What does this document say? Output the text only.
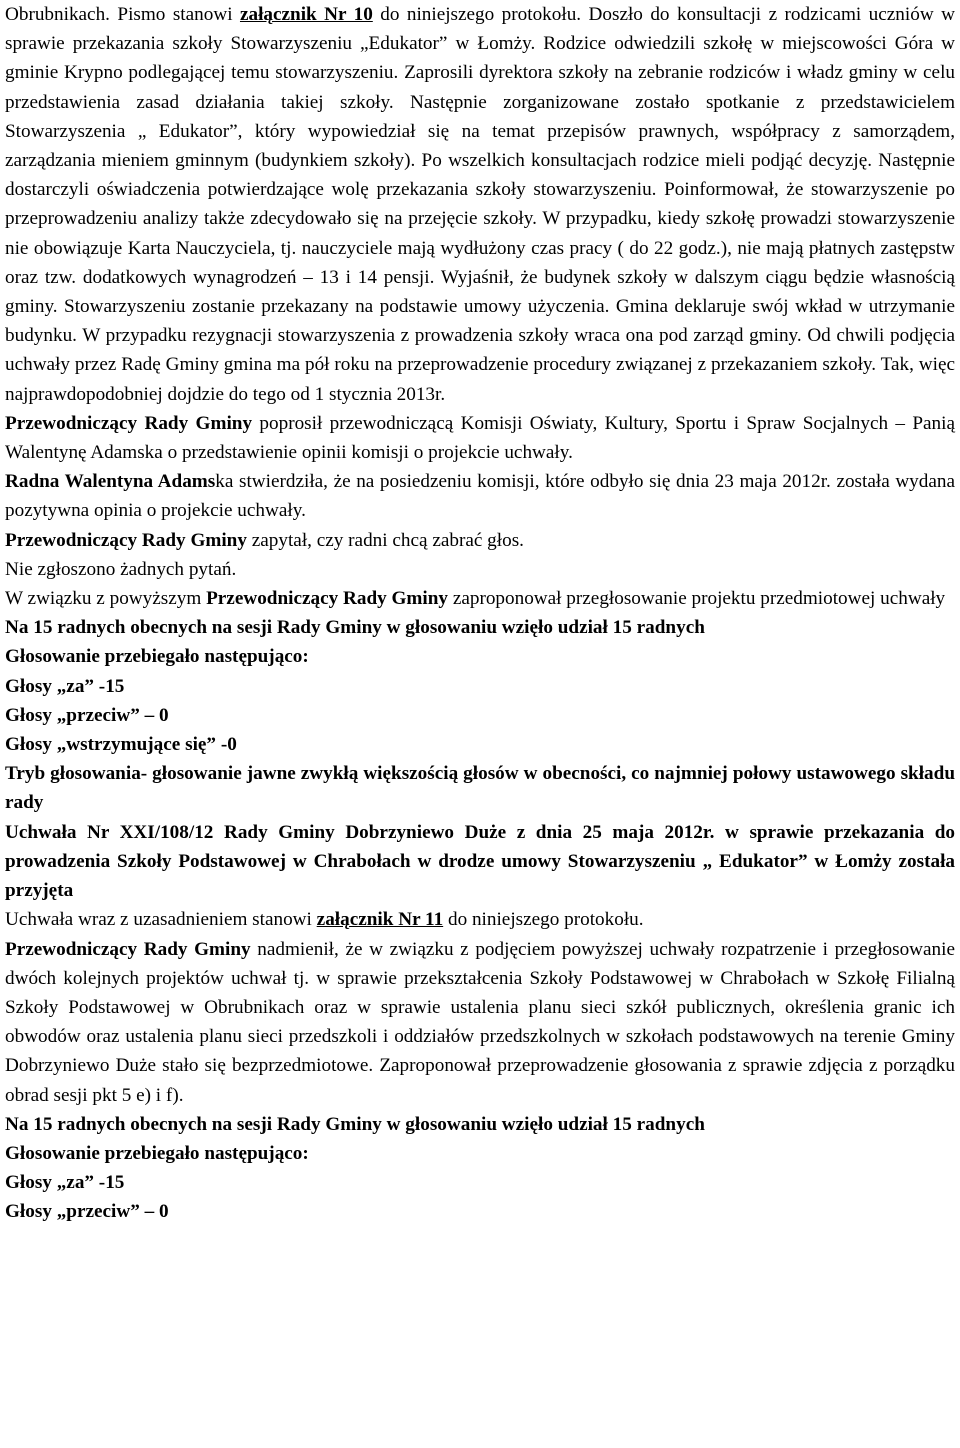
Obrubnikach. Pismo stanowi załącznik Nr 10 do niniejszego protokołu. Doszło do konsultacji z rodzicami uczniów w sprawie przekazania szkoły Stowarzyszeniu „Edukator” w Łomży. Rodzice odwiedzili szkołę w miejscowości Góra w gminie Krypno podlegającej temu stowarzyszeniu. Zaprosili dyrektora szkoły na zebranie rodziców i władz gminy w celu przedstawienia zasad działania takiej szkoły. Następnie zorganizowane zostało spotkanie z przedstawicielem Stowarzyszenia „ Edukator”, który wypowiedział się na temat przepisów prawnych, współpracy z samorządem, zarządzania mieniem gminnym (budynkiem szkoły). Po wszelkich konsultacjach rodzice mieli podjąć decyzję. Następnie dostarczyli oświadczenia potwierdzające wolę przekazania szkoły stowarzyszeniu. Poinformował, że stowarzyszenie po przeprowadzeniu analizy także zdecydowało się na przejęcie szkoły. W przypadku, kiedy szkołę prowadzi stowarzyszenie nie obowiązuje Karta Nauczyciela, tj. nauczyciele mają wydłużony czas pracy ( do 22 godz.), nie mają płatnych zastępstw oraz tzw. dodatkowych wynagrodzeń – 13 i 14 pensji. Wyjaśnił, że budynek szkoły w dalszym ciągu będzie własnością gminy. Stowarzyszeniu zostanie przekazany na podstawie umowy użyczenia. Gmina deklaruje swój wkład w utrzymanie budynku. W przypadku rezygnacji stowarzyszenia z prowadzenia szkoły wraca ona pod zarząd gminy. Od chwili podjęcia uchwały przez Radę Gminy gmina ma pół roku na przeprowadzenie procedury związanej z przekazaniem szkoły. Tak, więc najprawdopodobniej dojdzie do tego od 1 stycznia 2013r.

Przewodniczący Rady Gminy poprosił przewodniczącą Komisji Oświaty, Kultury, Sportu i Spraw Socjalnych – Panią Walentynę Adamska o przedstawienie opinii komisji o projekcie uchwały.

Radna Walentyna Adamska stwierdziła, że na posiedzeniu komisji, które odbyło się dnia 23 maja 2012r. została wydana pozytywna opinia o projekcie uchwały.

Przewodniczący Rady Gminy zapytał, czy radni chcą zabrać głos.

Nie zgłoszono żadnych pytań.

W związku z powyższym Przewodniczący Rady Gminy zaproponował przegłosowanie projektu przedmiotowej uchwały

Na 15 radnych obecnych na sesji Rady Gminy w głosowaniu wzięło udział 15 radnych

Głosowanie przebiegało następująco:

Głosy „za” -15

Głosy „przeciw” – 0

Głosy „wstrzymujące się” -0

Tryb głosowania- głosowanie jawne zwykłą większością głosów w obecności, co najmniej połowy ustawowego składu rady

Uchwała Nr XXI/108/12 Rady Gminy Dobrzyniewo Duże z dnia 25 maja 2012r. w sprawie przekazania do prowadzenia Szkoły Podstawowej w Chrabołach w drodze umowy Stowarzyszeniu „ Edukator” w Łomży została przyjęta

Uchwała wraz z uzasadnieniem stanowi załącznik Nr 11 do niniejszego protokołu.

Przewodniczący Rady Gminy nadmienił, że w związku z podjęciem powyższej uchwały rozpatrzenie i przegłosowanie dwóch kolejnych projektów uchwał tj. w sprawie przekształcenia Szkoły Podstawowej w Chrabołach w Szkołę Filialną Szkoły Podstawowej w Obrubnikach oraz w sprawie ustalenia planu sieci szkół publicznych, określenia granic ich obwodów oraz ustalenia planu sieci przedszkoli i oddziałów przedszkolnych w szkołach podstawowych na terenie Gminy Dobrzyniewo Duże stało się bezprzedmiotowe. Zaproponował przeprowadzenie głosowania z sprawie zdjęcia z porządku obrad sesji pkt 5 e) i f).

Na 15 radnych obecnych na sesji Rady Gminy w głosowaniu wzięło udział 15 radnych

Głosowanie przebiegało następująco:

Głosy „za” -15

Głosy „przeciw” – 0
